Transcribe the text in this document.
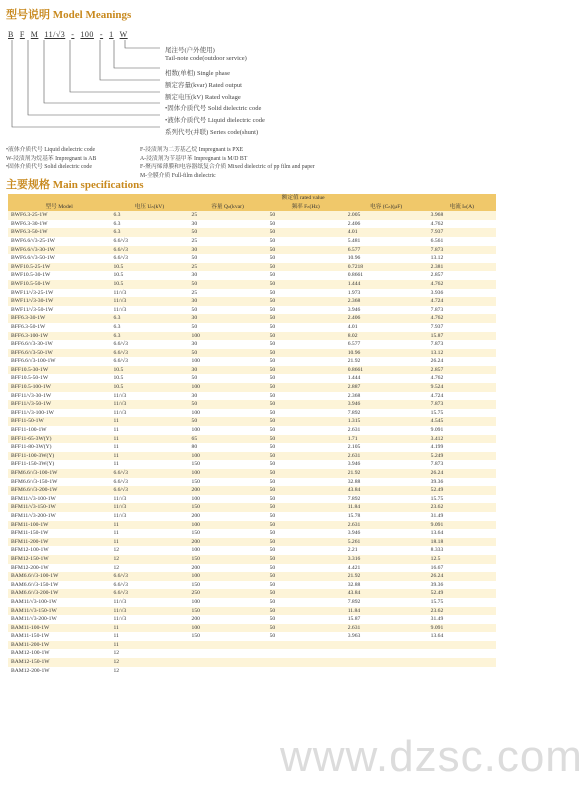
型号说明 Model Meanings
B F M 11/√3 - 100 - 1 W
尾注号(户外使用)
Tail-note code(outdoor service)
相数(单相) Single phase
额定容量(kvar) Rated output
额定电压(kV) Rated voltage
•固体介质代号 Solid dielectric code
•液体介质代号 Liquid dielectric code
系列代号(并联) Series code(shunt)
•液体介质代号 Liquid dielectric code
W-浸渍剂为烷基苯 Impregnant is AB
•固体介质代号 Solid dielectric code
F-浸渍剂为二芳基乙烷 Impregnant is PXE
A-浸渍剂为苄基甲苯 Impregnant is M/D BT
F-聚丙烯薄膜和电容器纸复合介质 Mixed dielectric of pp film and paper
M-全膜介质 Full-film dielectric
主要规格 Main specifications
	额定值 rated value				
型号 Model	电压 Uₙ(kV)	容量 Qₙ(kvar)	频率 Fₙ(Hz)	电容 (Cₙ)(μF)	电流 Iₙ(A)
BWF6.3-25-1W	6.3	25	50	2.005	3.968
BWF6.3-30-1W	6.3	30	50	2.406	4.762
BWF6.3-50-1W	6.3	50	50	4.01	7.937
BWF6.6/√3-25-1W	6.6/√3	25	50	5.481	6.561
BWF6.6/√3-30-1W	6.6/√3	30	50	6.577	7.873
BWF6.6/√3-50-1W	6.6/√3	50	50	10.96	13.12
BWF10.5-25-1W	10.5	25	50	0.7218	2.381
BWF10.5-30-1W	10.5	30	50	0.8661	2.857
BWF10.5-50-1W	10.5	50	50	1.444	4.762
BWF11/√3-25-1W	11/√3	25	50	1.973	3.936
BWF11/√3-30-1W	11/√3	30	50	2.368	4.724
BWF11/√3-50-1W	11/√3	50	50	3.946	7.873
BFF6.3-30-1W	6.3	30	50	2.406	4.762
BFF6.3-50-1W	6.3	50	50	4.01	7.937
BFF6.3-100-1W	6.3	100	50	8.02	15.87
BFF6.6/√3-30-1W	6.6/√3	30	50	6.577	7.873
BFF6.6/√3-50-1W	6.6/√3	50	50	10.96	13.12
BFF6.6/√3-100-1W	6.6/√3	100	50	21.92	26.24
BFF10.5-30-1W	10.5	30	50	0.8661	2.857
BFF10.5-50-1W	10.5	50	50	1.444	4.762
BFF10.5-100-1W	10.5	100	50	2.887	9.524
BFF11/√3-30-1W	11/√3	30	50	2.368	4.724
BFF11/√3-50-1W	11/√3	50	50	3.946	7.873
BFF11/√3-100-1W	11/√3	100	50	7.892	15.75
BFF11-50-1W	11	50	50	1.315	4.545
BFF11-100-1W	11	100	50	2.631	9.091
BFF11-65-3W(Y)	11	65	50	1.71	3.412
BFF11-80-3W(Y)	11	80	50	2.105	4.199
BFF11-100-3W(Y)	11	100	50	2.631	5.249
BFF11-150-3W(Y)	11	150	50	3.946	7.873
BFM6.6/√3-100-1W	6.6/√3	100	50	21.92	26.24
BFM6.6/√3-150-1W	6.6/√3	150	50	32.88	39.36
BFM6.6/√3-200-1W	6.6/√3	200	50	43.84	52.49
BFM11/√3-100-1W	11/√3	100	50	7.892	15.75
BFM11/√3-150-1W	11/√3	150	50	11.84	23.62
BFM11/√3-200-1W	11/√3	200	50	15.78	31.49
BFM11-100-1W	11	100	50	2.631	9.091
BFM11-150-1W	11	150	50	3.946	13.64
BFM11-200-1W	11	200	50	5.261	18.18
BFM12-100-1W	12	100	50	2.21	8.333
BFM12-150-1W	12	150	50	3.316	12.5
BFM12-200-1W	12	200	50	4.421	16.67
BAM6.6/√3-100-1W	6.6/√3	100	50	21.92	26.24
BAM6.6/√3-150-1W	6.6/√3	150	50	32.88	39.36
BAM6.6/√3-200-1W	6.6/√3	250	50	43.84	52.49
BAM11/√3-100-1W	11/√3	100	50	7.892	15.75
BAM11/√3-150-1W	11/√3	150	50	11.84	23.62
BAM11/√3-200-1W	11/√3	200	50	15.87	31.49
BAM11-100-1W	11	100	50	2.631	9.091
BAM11-150-1W	11	150	50	3.963	13.64
BAM11-200-1W	11				
BAM12-100-1W	12				
BAM12-150-1W	12				
BAM12-200-1W	12				
www.dzsc.com
